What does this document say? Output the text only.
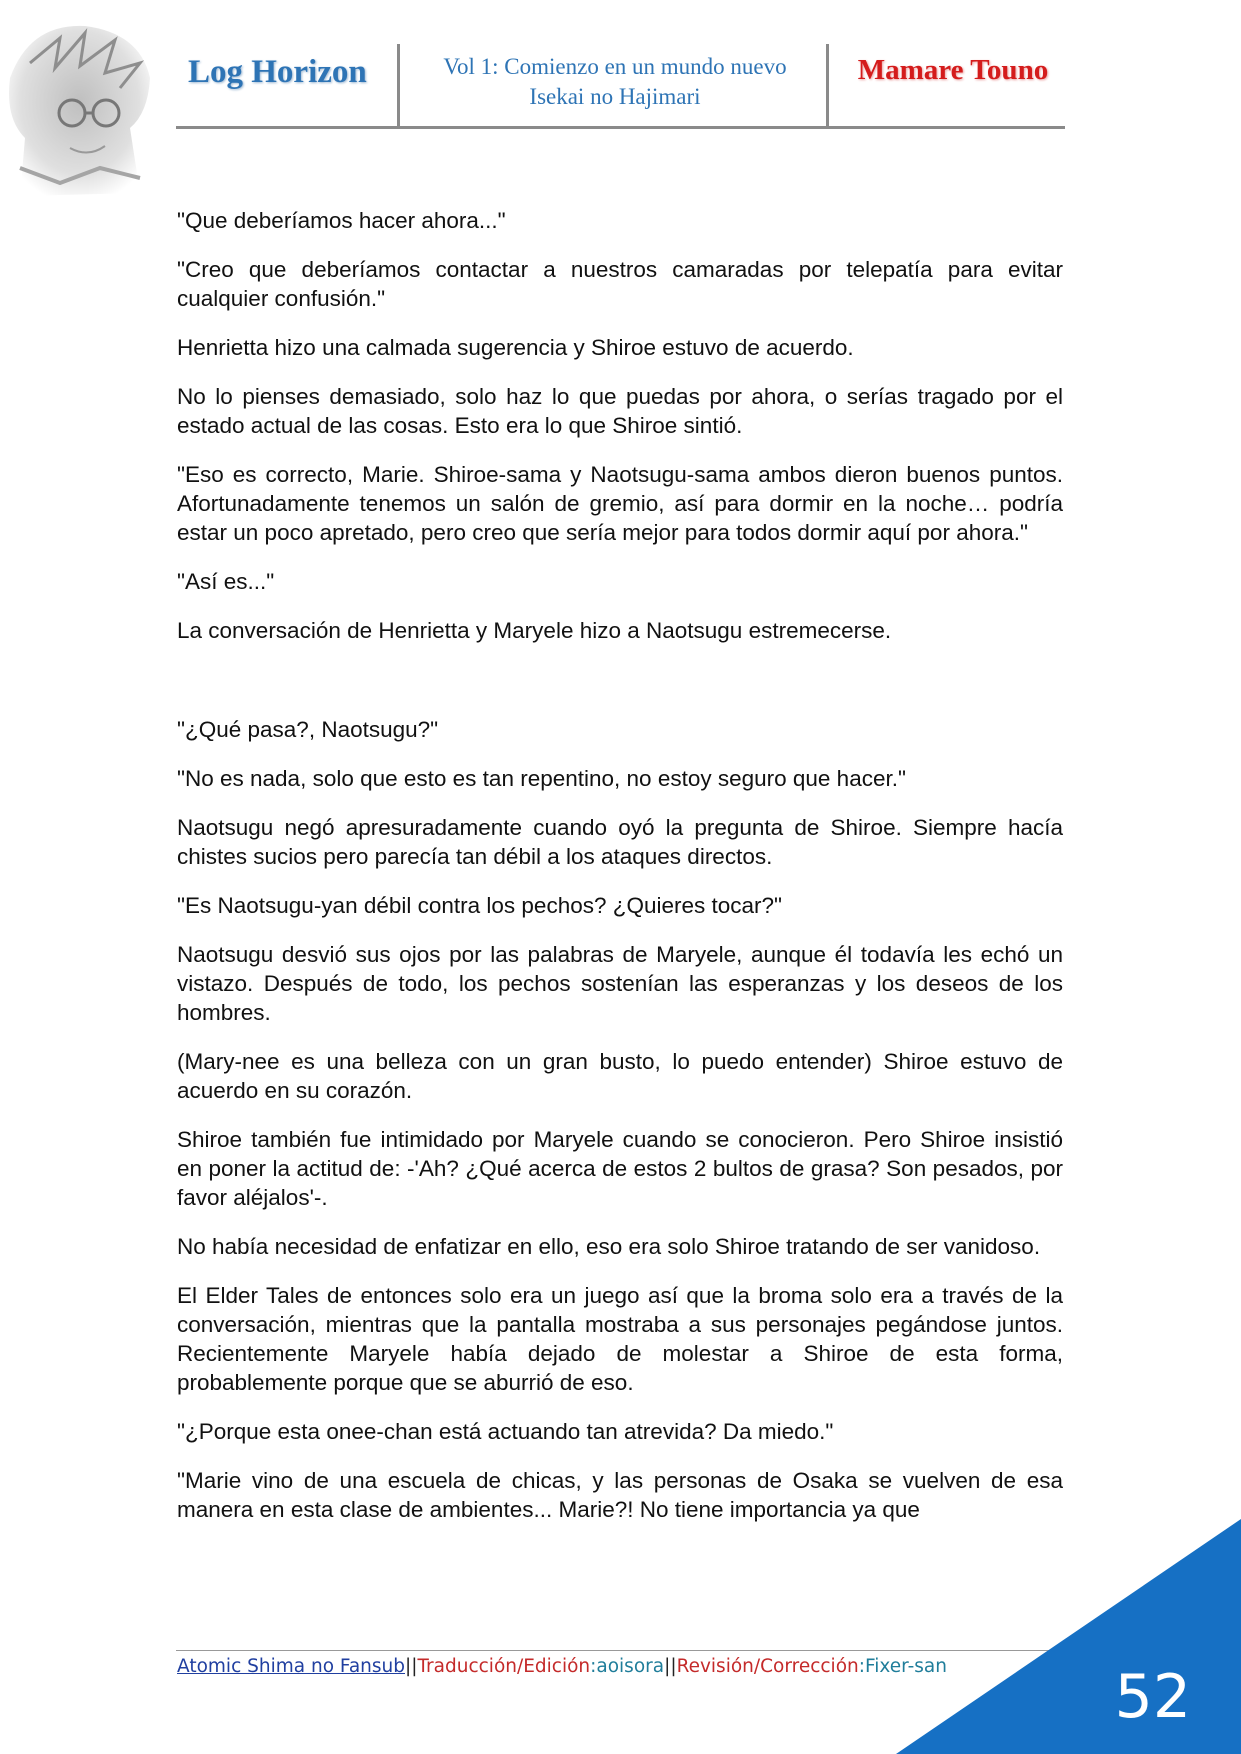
Log Horizon	Vol 1: Comienzo en un mundo nuevo
Isekai no Hajimari
Mamare Touno

"Que deberíamos hacer ahora..."

"Creo que deberíamos contactar a nuestros camaradas por telepatía para evitar cualquier confusión."

Henrietta hizo una calmada sugerencia y Shiroe estuvo de acuerdo.

No lo pienses demasiado, solo haz lo que puedas por ahora, o serías tragado por el estado actual de las cosas. Esto era lo que Shiroe sintió.

"Eso es correcto, Marie. Shiroe-sama y Naotsugu-sama ambos dieron buenos puntos. Afortunadamente tenemos un salón de gremio, así para dormir en la noche… podría estar un poco apretado, pero creo que sería mejor para todos dormir aquí por ahora."

"Así es..."

La conversación de Henrietta y Maryele hizo a Naotsugu estremecerse.

"¿Qué pasa?, Naotsugu?"

"No es nada, solo que esto es tan repentino, no estoy seguro que hacer."

Naotsugu negó apresuradamente cuando oyó la pregunta de Shiroe. Siempre hacía chistes sucios pero parecía tan débil a los ataques directos.

"Es Naotsugu-yan débil contra los pechos? ¿Quieres tocar?"

Naotsugu desvió sus ojos por las palabras de Maryele, aunque él todavía les echó un vistazo. Después de todo, los pechos sostenían las esperanzas y los deseos de los hombres.

(Mary-nee es una belleza con un gran busto, lo puedo entender) Shiroe estuvo de acuerdo en su corazón.

Shiroe también fue intimidado por Maryele cuando se conocieron. Pero Shiroe insistió en poner la actitud de: -'Ah? ¿Qué acerca de estos 2 bultos de grasa? Son pesados, por favor aléjalos'-.

No había necesidad de enfatizar en ello, eso era solo Shiroe tratando de ser vanidoso.

El Elder Tales de entonces solo era un juego así que la broma solo era a través de la conversación, mientras que la pantalla mostraba a sus personajes pegándose juntos. Recientemente Maryele había dejado de molestar a Shiroe de esta forma, probablemente porque que se aburrió de eso.

"¿Porque esta onee-chan está actuando tan atrevida? Da miedo."

"Marie vino de una escuela de chicas, y las personas de Osaka se vuelven de esa manera en esta clase de ambientes... Marie?! No tiene importancia ya que

Atomic Shima no Fansub||Traducción/Edición:aoisora||Revisión/Corrección:Fixer-san	52
